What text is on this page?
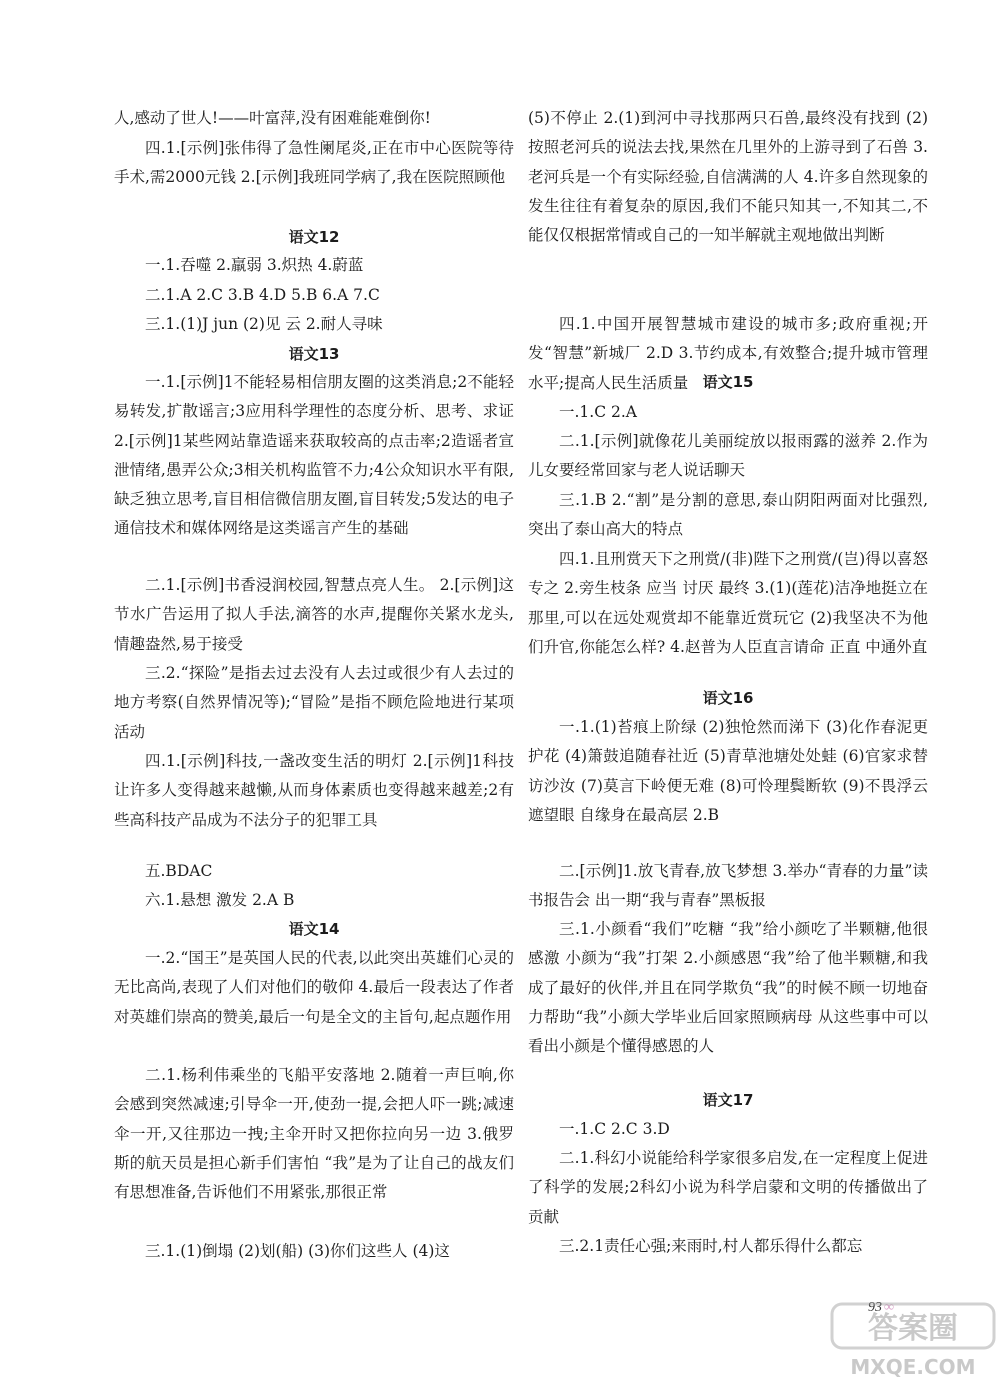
人,感动了世人!——叶富萍,没有困难能难倒你!

四.1.[示例]张伟得了急性阑尾炎,正在市中心医院等待手术,需2000元钱 2.[示例]我班同学病了,我在医院照顾他

语文12

一.1.吞噬 2.羸弱 3.炽热 4.蔚蓝

二.1.A 2.C 3.B 4.D 5.B 6.A 7.C

三.1.(1)J jun (2)见 云 2.耐人寻味

语文13

一.1.[示例]1不能轻易相信朋友圈的这类消息;2不能轻易转发,扩散谣言;3应用科学理性的态度分析、思考、求证 2.[示例]1某些网站靠造谣来获取较高的点击率;2造谣者宣泄情绪,愚弄公众;3相关机构监管不力;4公众知识水平有限,缺乏独立思考,盲目相信微信朋友圈,盲目转发;5发达的电子通信技术和媒体网络是这类谣言产生的基础

二.1.[示例]书香浸润校园,智慧点亮人生。 2.[示例]这节水广告运用了拟人手法,滴答的水声,提醒你关紧水龙头,情趣盎然,易于接受

三.2.“探险”是指去过去没有人去过或很少有人去过的地方考察(自然界情况等);“冒险”是指不顾危险地进行某项活动

四.1.[示例]科技,一盏改变生活的明灯 2.[示例]1科技让许多人变得越来越懒,从而身体素质也变得越来越差;2有些高科技产品成为不法分子的犯罪工具

五.BDAC

六.1.悬想 激发 2.A B

语文14

一.2.“国王”是英国人民的代表,以此突出英雄们心灵的无比高尚,表现了人们对他们的敬仰 4.最后一段表达了作者对英雄们崇高的赞美,最后一句是全文的主旨句,起点题作用

二.1.杨利伟乘坐的飞船平安落地 2.随着一声巨响,你会感到突然减速;引导伞一开,使劲一提,会把人吓一跳;减速伞一开,又往那边一拽;主伞开时又把你拉向另一边 3.俄罗斯的航天员是担心新手们害怕 “我”是为了让自己的战友们有思想准备,告诉他们不用紧张,那很正常

三.1.(1)倒塌 (2)划(船) (3)你们这些人 (4)这

(5)不停止 2.(1)到河中寻找那两只石兽,最终没有找到 (2)按照老河兵的说法去找,果然在几里外的上游寻到了石兽 3.老河兵是一个有实际经验,自信满满的人 4.许多自然现象的发生往往有着复杂的原因,我们不能只知其一,不知其二,不能仅仅根据常情或自己的一知半解就主观地做出判断

四.1.中国开展智慧城市建设的城市多;政府重视;开发“智慧”新城厂 2.D 3.节约成本,有效整合;提升城市管理水平;提高人民生活质量 语文15

一.1.C 2.A

二.1.[示例]就像花儿美丽绽放以报雨露的滋养 2.作为儿女要经常回家与老人说话聊天

三.1.B 2.“割”是分割的意思,泰山阴阳两面对比强烈,突出了泰山高大的特点

四.1.且刑赏天下之刑赏/(非)陛下之刑赏/(岂)得以喜怒专之 2.旁生枝条 应当 讨厌 最终 3.(1)(莲花)洁净地挺立在那里,可以在远处观赏却不能靠近赏玩它 (2)我坚决不为他们升官,你能怎么样? 4.赵普为人臣直言请命 正直 中通外直

语文16

一.1.(1)苔痕上阶绿 (2)独怆然而涕下 (3)化作春泥更护花 (4)箫鼓追随春社近 (5)青草池塘处处蛙 (6)官家求替访沙汝 (7)莫言下岭便无难 (8)可怜理鬓断软 (9)不畏浮云遮望眼 自缘身在最高层 2.B

二.[示例]1.放飞青春,放飞梦想 3.举办“青春的力量”读书报告会 出一期“我与青春”黑板报

三.1.小颜看“我们”吃糖 “我”给小颜吃了半颗糖,他很感激 小颜为“我”打架 2.小颜感恩“我”给了他半颗糖,和我成了最好的伙伴,并且在同学欺负“我”的时候不顾一切地奋力帮助“我”小颜大学毕业后回家照顾病母 从这些事中可以看出小颜是个懂得感恩的人

语文17

一.1.C 2.C 3.D

二.1.科幻小说能给科学家很多启发,在一定程度上促进了科学的发展;2科幻小说为科学启蒙和文明的传播做出了贡献

三.2.1责任心强;来雨时,村人都乐得什么都忘

93 ∞
答案圈
MXQE.COM
